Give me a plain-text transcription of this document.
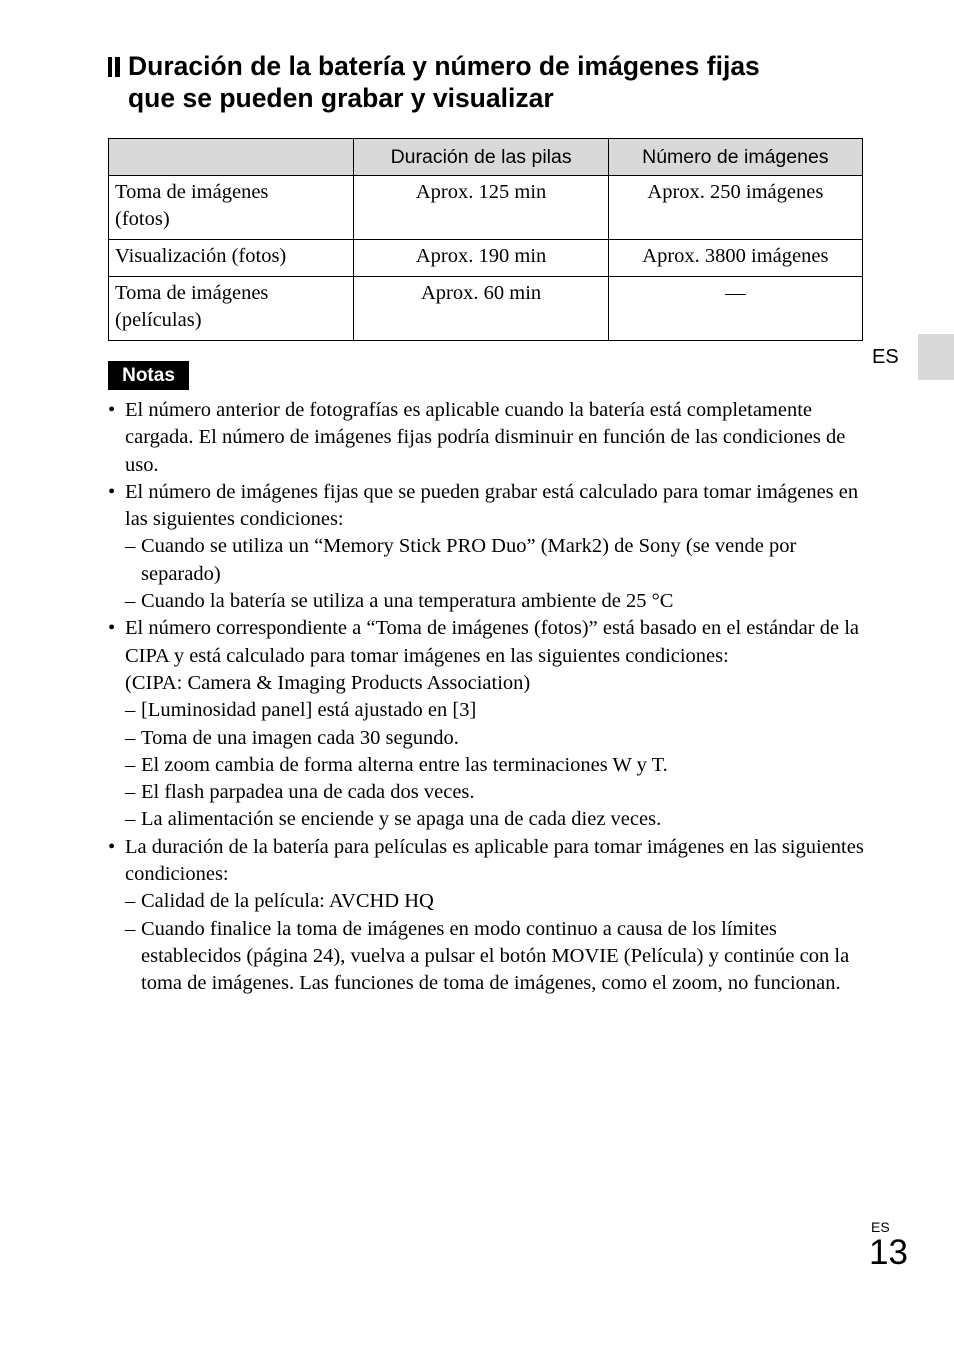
Duración de la batería y número de imágenes fijas
que se pueden grabar y visualizar
	Duración de las pilas	Número de imágenes

Toma de imágenes
(fotos)	Aprox. 125 min	Aprox. 250 imágenes

Visualización (fotos)	Aprox. 190 min	Aprox. 3800 imágenes

Toma de imágenes
(películas)	Aprox. 60 min	—
ES
Notas
• El número anterior de fotografías es aplicable cuando la batería está completamente cargada. El número de imágenes fijas podría disminuir en función de las condiciones de uso.
• El número de imágenes fijas que se pueden grabar está calculado para tomar imágenes en las siguientes condiciones:
– Cuando se utiliza un “Memory Stick PRO Duo” (Mark2) de Sony (se vende por separado)
– Cuando la batería se utiliza a una temperatura ambiente de 25 °C
• El número correspondiente a “Toma de imágenes (fotos)” está basado en el estándar de la CIPA y está calculado para tomar imágenes en las siguientes condiciones:
(CIPA: Camera & Imaging Products Association)
– [Luminosidad panel] está ajustado en [3]
– Toma de una imagen cada 30 segundo.
– El zoom cambia de forma alterna entre las terminaciones W y T.
– El flash parpadea una de cada dos veces.
– La alimentación se enciende y se apaga una de cada diez veces.
• La duración de la batería para películas es aplicable para tomar imágenes en las siguientes condiciones:
– Calidad de la película: AVCHD HQ
– Cuando finalice la toma de imágenes en modo continuo a causa de los límites establecidos (página 24), vuelva a pulsar el botón MOVIE (Película) y continúe con la toma de imágenes. Las funciones de toma de imágenes, como el zoom, no funcionan.
ES
13
